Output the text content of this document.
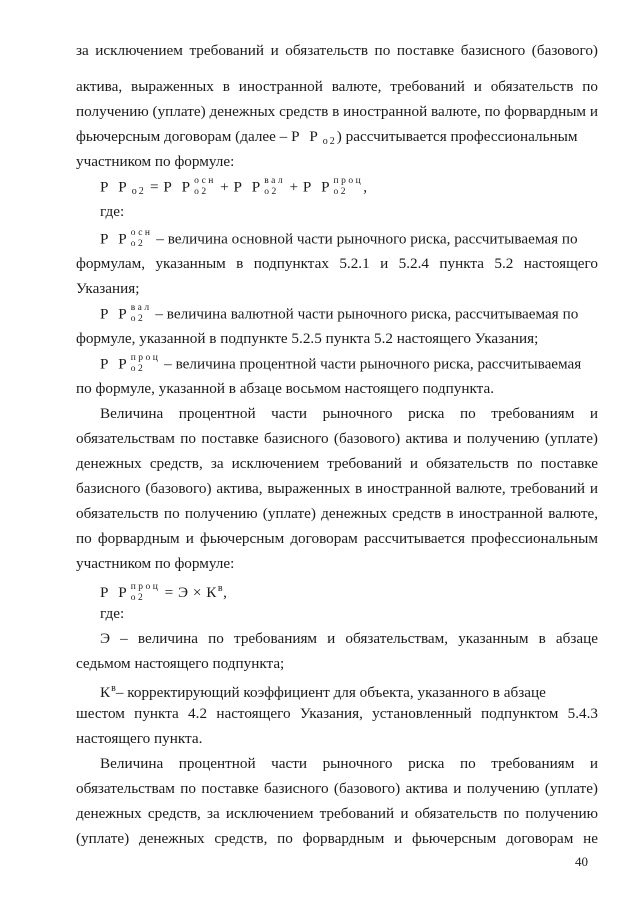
за исключением требований и обязательств по поставке базисного (базового)
актива, выраженных в иностранной валюте, требований и обязательств по
получению (уплате) денежных средств в иностранной валюте, по форвардным и
фьючерсным договорам (далее – Р Р $_{о2}$) рассчитывается профессиональным
участником по формуле:
Р Р $_{о2}$ = Р Р осн
о2 + Р Р вал
о2 + Р Р проц
о2 ,
где:
Р Р осн
о2 – величина основной части рыночного риска, рассчитываемая по
формулам, указанным в подпунктах 5.2.1 и 5.2.4 пункта 5.2 настоящего
Указания;
Р Р вал
о2 – величина валютной части рыночного риска, рассчитываемая по
формуле, указанной в подпункте 5.2.5 пункта 5.2 настоящего Указания;
Р Р проц
о2	– величина процентной части рыночного риска, рассчитываемая
по формуле, указанной в абзаце восьмом настоящего подпункта.
Величина процентной части рыночного риска по требованиям и
обязательствам по поставке базисного (базового) актива и получению (уплате)
денежных средств, за исключением требований и обязательств по поставке
базисного (базового) актива, выраженных в иностранной валюте, требований и
обязательств по получению (уплате) денежных средств в иностранной валюте,
по форвардным и фьючерсным договорам рассчитывается профессиональным
участником по формуле:
Р Р проц
о2	= $Э \times К^в$,
где:
Э – величина по требованиям и обязательствам, указанным в абзаце
седьмом настоящего подпункта;
$К^в-$ корректирующий коэффициент для объекта, указанного в абзаце
шестом пункта 4.2 настоящего Указания, установленный подпунктом 5.4.3
настоящего пункта.
Величина процентной части рыночного риска по требованиям и
обязательствам по поставке базисного (базового) актива и получению (уплате)
денежных средств, за исключением требований и обязательств по получению
(уплате) денежных средств, по форвардным и фьючерсным договорам не
40
